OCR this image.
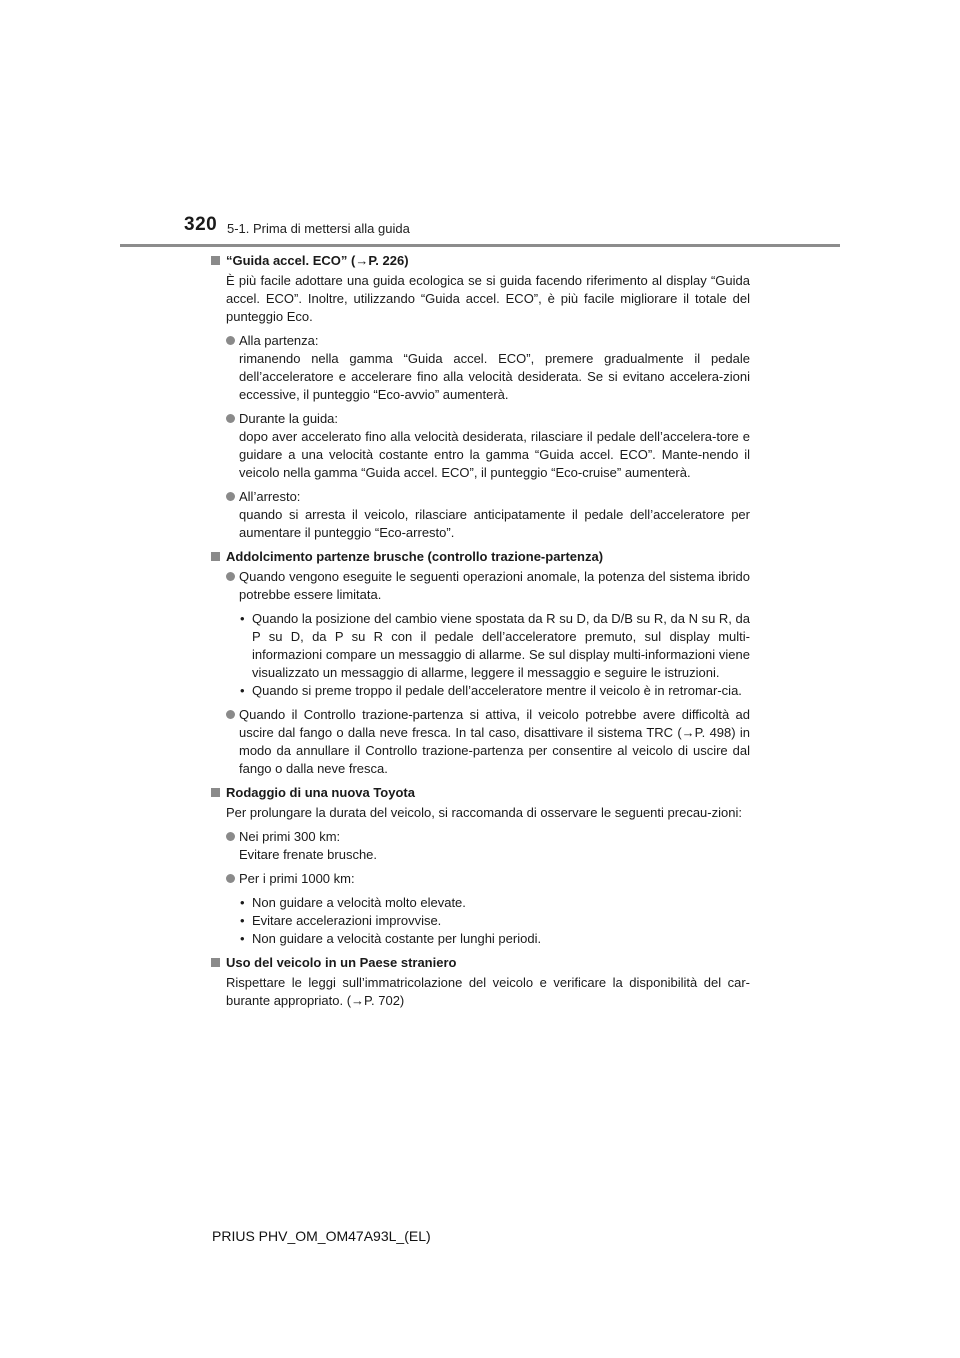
320 5-1. Prima di mettersi alla guida
“Guida accel. ECO” (→P. 226)
È più facile adottare una guida ecologica se si guida facendo riferimento al display “Guida accel. ECO”. Inoltre, utilizzando “Guida accel. ECO”, è più facile migliorare il totale del punteggio Eco.
Alla partenza:
rimanendo nella gamma “Guida accel. ECO”, premere gradualmente il pedale dell’acceleratore e accelerare fino alla velocità desiderata. Se si evitano accelera-zioni eccessive, il punteggio “Eco-avvio” aumenterà.
Durante la guida:
dopo aver accelerato fino alla velocità desiderata, rilasciare il pedale dell’accelera-tore e guidare a una velocità costante entro la gamma “Guida accel. ECO”. Mante-nendo il veicolo nella gamma “Guida accel. ECO”, il punteggio “Eco-cruise” aumenterà.
All’arresto:
quando si arresta il veicolo, rilasciare anticipatamente il pedale dell’acceleratore per aumentare il punteggio “Eco-arresto”.
Addolcimento partenze brusche (controllo trazione-partenza)
Quando vengono eseguite le seguenti operazioni anomale, la potenza del sistema ibrido potrebbe essere limitata.
• Quando la posizione del cambio viene spostata da R su D, da D/B su R, da N su R, da P su D, da P su R con il pedale dell’acceleratore premuto, sul display multi-informazioni compare un messaggio di allarme. Se sul display multi-informazioni viene visualizzato un messaggio di allarme, leggere il messaggio e seguire le istruzioni.
• Quando si preme troppo il pedale dell’acceleratore mentre il veicolo è in retromar-cia.
Quando il Controllo trazione-partenza si attiva, il veicolo potrebbe avere difficoltà ad uscire dal fango o dalla neve fresca. In tal caso, disattivare il sistema TRC (→P. 498) in modo da annullare il Controllo trazione-partenza per consentire al veicolo di uscire dal fango o dalla neve fresca.
Rodaggio di una nuova Toyota
Per prolungare la durata del veicolo, si raccomanda di osservare le seguenti precau-zioni:
Nei primi 300 km:
Evitare frenate brusche.
Per i primi 1000 km:
• Non guidare a velocità molto elevate.
• Evitare accelerazioni improvvise.
• Non guidare a velocità costante per lunghi periodi.
Uso del veicolo in un Paese straniero
Rispettare le leggi sull’immatricolazione del veicolo e verificare la disponibilità del car-burante appropriato. (→P. 702)
PRIUS PHV_OM_OM47A93L_(EL)
